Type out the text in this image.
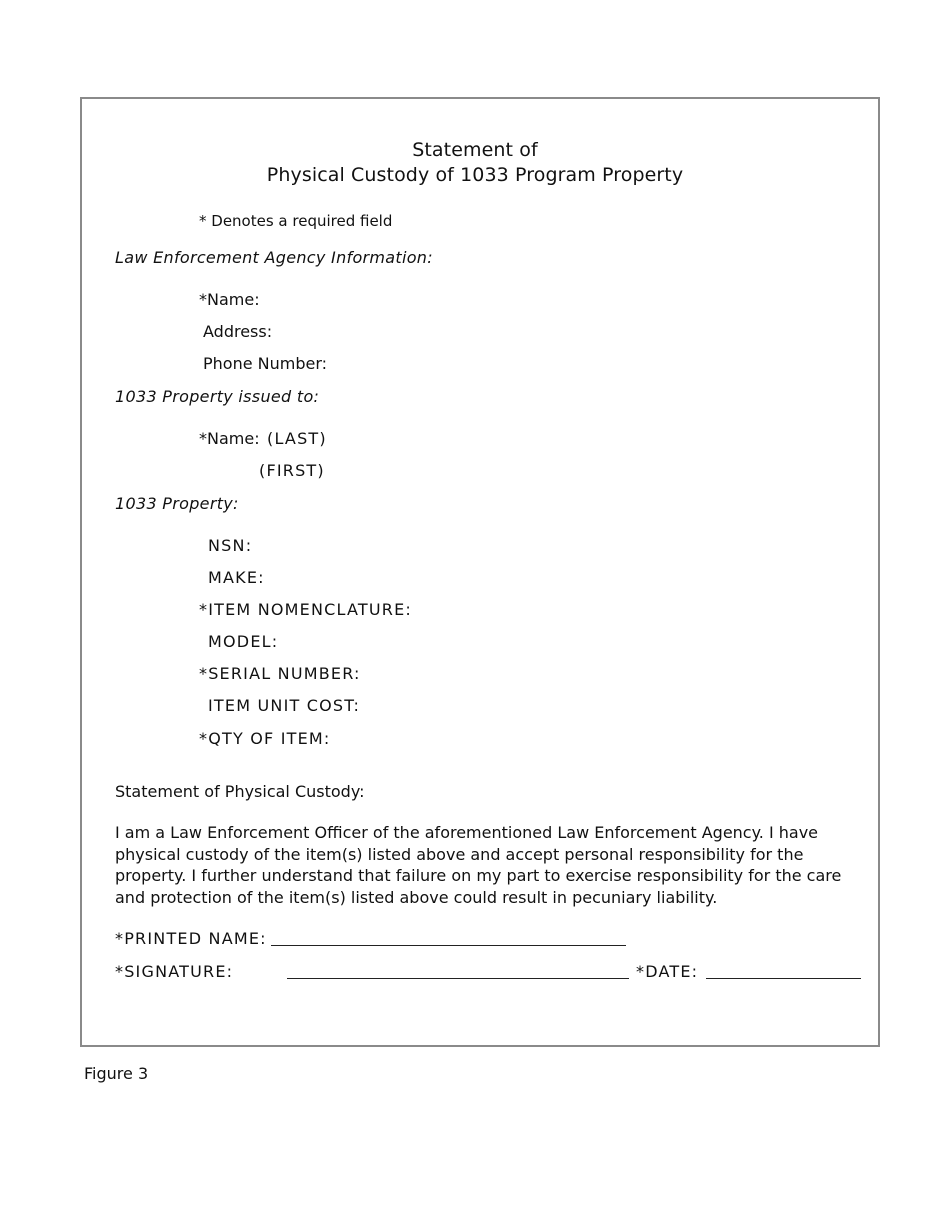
Statement of
Physical Custody of 1033 Program Property
* Denotes a required field
Law Enforcement Agency Information:
*Name:
Address:
Phone Number:
1033 Property issued to:
*Name: (LAST)
(FIRST)
1033 Property:
NSN:
MAKE:
*ITEM NOMENCLATURE:
MODEL:
*SERIAL NUMBER:
ITEM UNIT COST:
*QTY OF ITEM:
Statement of Physical Custody:
I am a Law Enforcement Officer of the aforementioned Law Enforcement Agency. I have physical custody of the item(s) listed above and accept personal responsibility for the property. I further understand that failure on my part to exercise responsibility for the care and protection of the item(s) listed above could result in pecuniary liability.
*PRINTED NAME:
*SIGNATURE:	*DATE:
Figure 3
